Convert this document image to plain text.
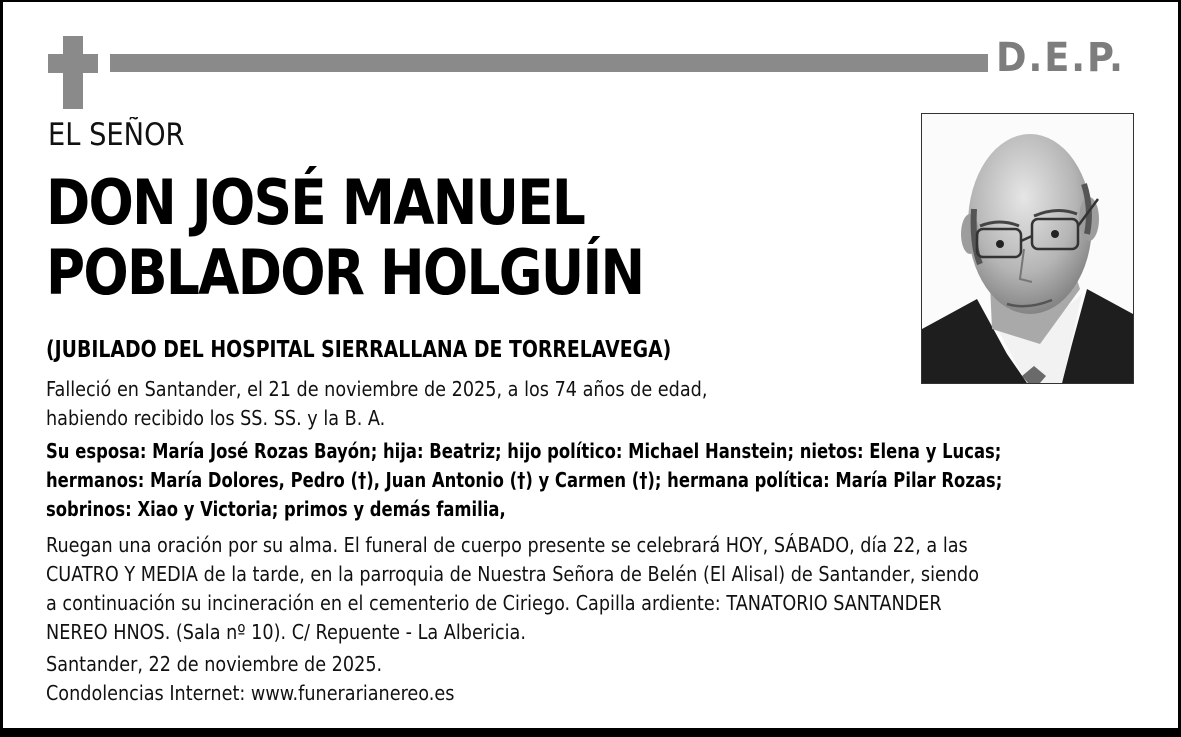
D.E.P.
EL SEÑOR
DON JOSÉ MANUEL
POBLADOR HOLGUÍN
(JUBILADO DEL HOSPITAL SIERRALLANA DE TORRELAVEGA)
Falleció en Santander, el 21 de noviembre de 2025, a los 74 años de edad,
habiendo recibido los SS. SS. y la B. A.
Su esposa: María José Rozas Bayón; hija: Beatriz; hijo político: Michael Hanstein; nietos: Elena y Lucas;
hermanos: María Dolores, Pedro (†), Juan Antonio (†) y Carmen (†); hermana política: María Pilar Rozas;
sobrinos: Xiao y Victoria; primos y demás familia,
Ruegan una oración por su alma. El funeral de cuerpo presente se celebrará HOY, SÁBADO, día 22, a las
CUATRO Y MEDIA de la tarde, en la parroquia de Nuestra Señora de Belén (El Alisal) de Santander, siendo
a continuación su incineración en el cementerio de Ciriego. Capilla ardiente: TANATORIO SANTANDER
NEREO HNOS. (Sala nº 10). C/ Repuente - La Albericia.
Santander, 22 de noviembre de 2025.
Condolencias Internet: www.funerarianereo.es
